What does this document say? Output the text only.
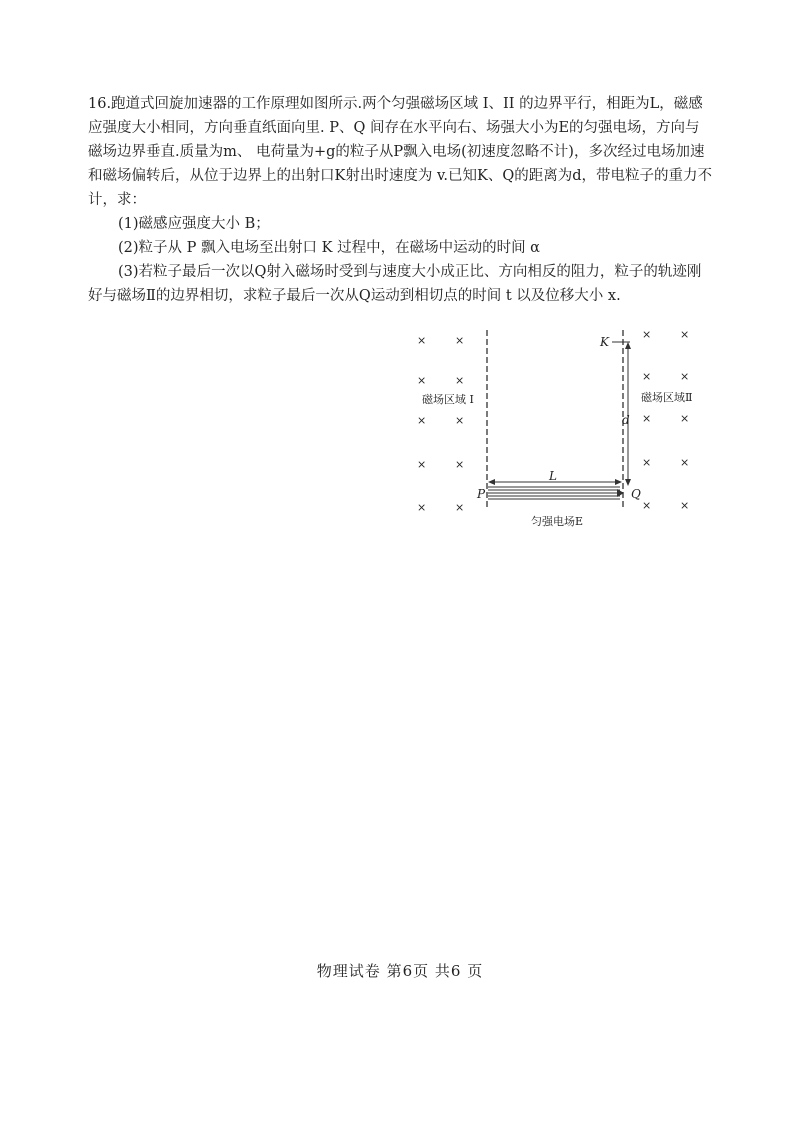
16.跑道式回旋加速器的工作原理如图所示.两个匀强磁场区域 I、II 的边界平行，相距为L，磁感应强度大小相同，方向垂直纸面向里. P、Q 间存在水平向右、场强大小为E的匀强电场，方向与磁场边界垂直.质量为m、 电荷量为+g的粒子从P飘入电场(初速度忽略不计)，多次经过电场加速和磁场偏转后，从位于边界上的出射口K射出时速度为 v.已知K、Q的距离为d，带电粒子的重力不计，求：

(1)磁感应强度大小 B；

(2)粒子从 P 飘入电场至出射口 K 过程中，在磁场中运动的时间 α

(3)若粒子最后一次以Q射入磁场时受到与速度大小成正比、方向相反的阻力，粒子的轨迹刚好与磁场Ⅱ的边界相切，求粒子最后一次从Q运动到相切点的时间 t 以及位移大小 x.

×	×
×	×
×	×
×	×
×	×
×	×
×	×
×	×
×	×
×	×
磁场区域 I	磁场区域Ⅱ
K
d
L
P	Q
匀强电场E
物理试卷 第6页 共6 页
